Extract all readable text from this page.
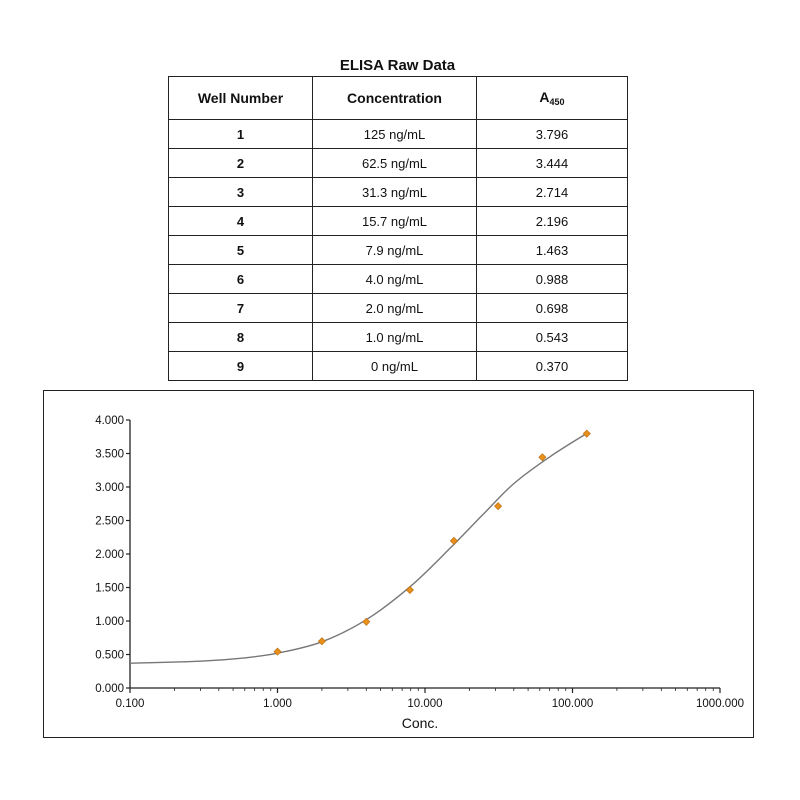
ELISA Raw Data
Well Number	Concentration	$A_{450}$
1	125 ng/mL	3.796
2	62.5 ng/mL	3.444
3	31.3 ng/mL	2.714
4	15.7 ng/mL	2.196
5	7.9 ng/mL	1.463
6	4.0 ng/mL	0.988
7	2.0 ng/mL	0.698
8	1.0 ng/mL	0.543
9	0 ng/mL	0.370
0.000
0.500
1.000
1.500
2.000
2.500
3.000
3.500
4.000
0.100	1.000	10.000	100.000	1000.000
Conc.
